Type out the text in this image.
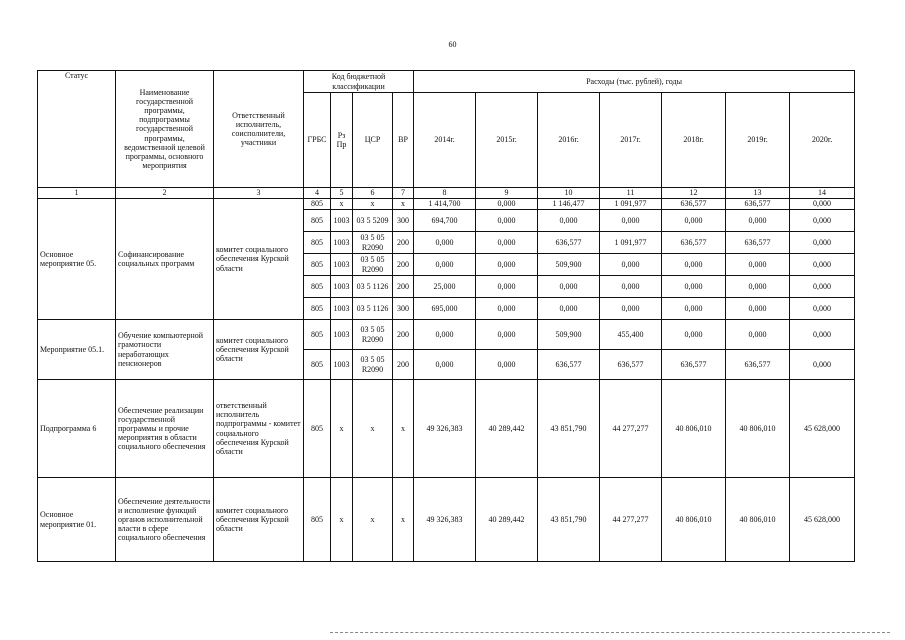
60
Статус	Наименование государственной программы, подпрограммы государственной программы, ведомственной целевой программы, основного мероприятия	Ответственный исполнитель, соисполнители, участники	Код бюджетной классификации				Расходы (тыс. рублей), годы						
			ГРБС	Рз Пр	ЦСР	ВР	2014г.	2015г.	2016г.	2017г.	2018г.	2019г.	2020г.
1	2	3	4	5	6	7	8	9	10	11	12	13	14
Основное мероприятие 05.	Софинансирование социальных программ	комитет социального обеспечения Курской области	805	х	х	х	1 414,700	0,000	1 146,477	1 091,977	636,577	636,577	0,000
			805	1003	03 5 5209	300	694,700	0,000	0,000	0,000	0,000	0,000	0,000
			805	1003	03 5 05 R2090	200	0,000	0,000	636,577	1 091,977	636,577	636,577	0,000
			805	1003	03 5 05 R2090	200	0,000	0,000	509,900	0,000	0,000	0,000	0,000
			805	1003	03 5 1126	200	25,000	0,000	0,000	0,000	0,000	0,000	0,000
			805	1003	03 5 1126	300	695,000	0,000	0,000	0,000	0,000	0,000	0,000
Мероприятие 05.1.	Обучение компьютерной грамотности неработающих пенсионеров	комитет социального обеспечения Курской области	805	1003	03 5 05 R2090	200	0,000	0,000	509,900	455,400	0,000	0,000	0,000
			805	1003	03 5 05 R2090	200	0,000	0,000	636,577	636,577	636,577	636,577	0,000
Подпрограмма 6	Обеспечение реализации государственной программы и прочие мероприятия в области социального обеспечения	ответственный исполнитель подпрограммы - комитет социального обеспечения Курской области	805	х	х	х	49 326,383	40 289,442	43 851,790	44 277,277	40 806,010	40 806,010	45 628,000
Основное мероприятие 01.	Обеспечение деятельности и исполнение функций органов исполнительной власти в сфере социального обеспечения	комитет социального обеспечения Курской области	805	х	х	х	49 326,383	40 289,442	43 851,790	44 277,277	40 806,010	40 806,010	45 628,000
